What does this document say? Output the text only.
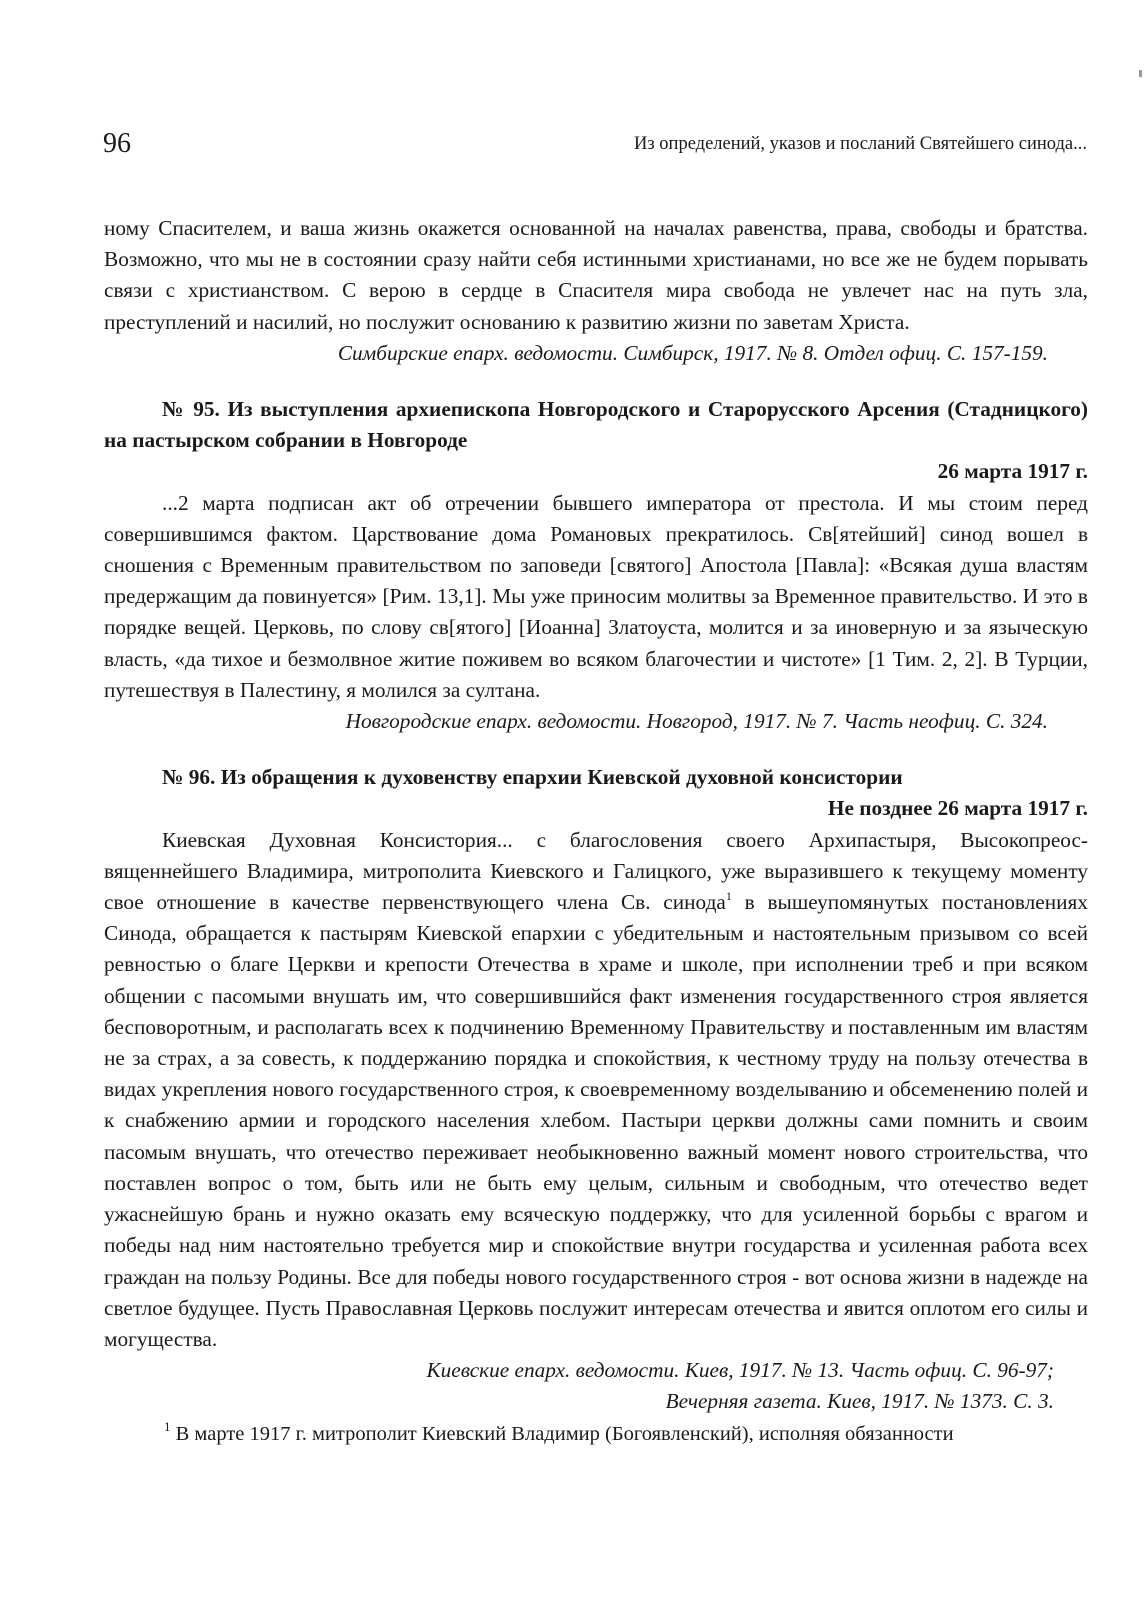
96	Из определений, указов и посланий Святейшего синода...

ному Спасителем, и ваша жизнь окажется основанной на началах равенства, права, свободы и братства. Возможно, что мы не в состоянии сразу найти себя истинными христианами, но все же не будем порывать связи с христианством. С верою в сердце в Спасителя мира свобода не увлечет нас на путь зла, преступлений и насилий, но послужит основанию к развитию жизни по заветам Христа.

Симбирские епарх. ведомости. Симбирск, 1917. № 8. Отдел офиц. С. 157-159.

№ 95. Из выступления архиепископа Новгородского и Старорусского Арсения (Стадницкого) на пастырском собрании в Новгороде

26 марта 1917 г.

...2 марта подписан акт об отречении бывшего императора от престола. И мы стоим перед совершившимся фактом. Царствование дома Романовых прекратилось. Св[ятейший] синод вошел в сношения с Временным правительством по заповеди [святого] Апостола [Павла]: «Всякая душа властям предержащим да повинуется» [Рим. 13,1]. Мы уже приносим молитвы за Временное правительство. И это в порядке вещей. Церковь, по слову св[ятого] [Иоанна] Златоуста, молится и за иноверную и за языческую власть, «да тихое и безмолвное житие поживем во всяком благочестии и чистоте» [1 Тим. 2, 2]. В Турции, путешествуя в Палестину, я молился за султана.

Новгородские епарх. ведомости. Новгород, 1917. № 7. Часть неофиц. С. 324.

№ 96. Из обращения к духовенству епархии Киевской духовной консистории

Не позднее 26 марта 1917 г.

Киевская Духовная Консистория... с благословения своего Архипастыря, Высокопреос-вященнейшего Владимира, митрополита Киевского и Галицкого, уже выразившего к текущему моменту свое отношение в качестве первенствующего члена Св. синода$^1$ в вышеупомянутых постановлениях Синода, обращается к пастырям Киевской епархии с убедительным и настоятельным призывом со всей ревностью о благе Церкви и крепости Отечества в храме и школе, при исполнении треб и при всяком общении с пасомыми внушать им, что совершившийся факт изменения государственного строя является бесповоротным, и располагать всех к подчинению Временному Правительству и поставленным им властям не за страх, а за совесть, к поддержанию порядка и спокойствия, к честному труду на пользу отечества в видах укрепления нового государственного строя, к своевременному возделыванию и обсеменению полей и к снабжению армии и городского населения хлебом. Пастыри церкви должны сами помнить и своим пасомым внушать, что отечество переживает необыкновенно важный момент нового строительства, что поставлен вопрос о том, быть или не быть ему целым, сильным и свободным, что отечество ведет ужаснейшую брань и нужно оказать ему всяческую поддержку, что для усиленной борьбы с врагом и победы над ним настоятельно требуется мир и спокойствие внутри государства и усиленная работа всех граждан на пользу Родины. Все для победы нового государственного строя - вот основа жизни в надежде на светлое будущее. Пусть Православная Церковь послужит интересам отечества и явится оплотом его силы и могущества.

Киевские епарх. ведомости. Киев, 1917. № 13. Часть офиц. С. 96-97;

Вечерняя газета. Киев, 1917. № 1373. С. 3.

$^1$ В марте 1917 г. митрополит Киевский Владимир (Богоявленский), исполняя обязанности
